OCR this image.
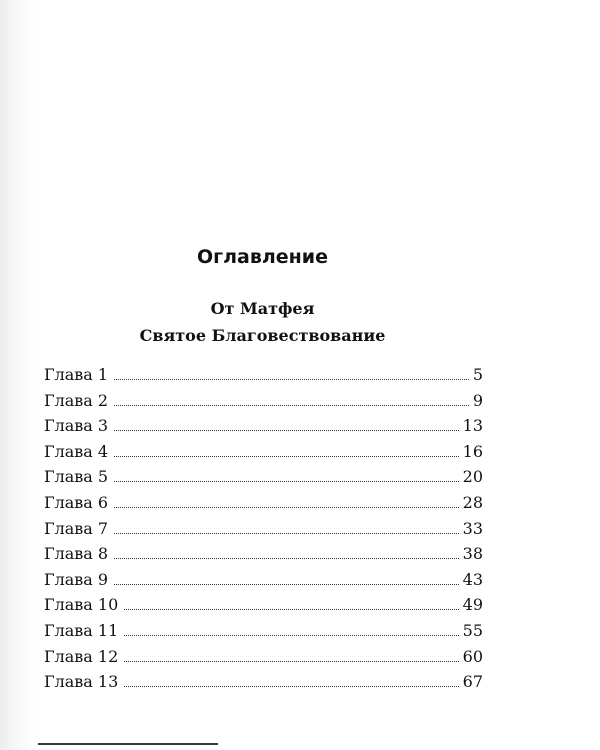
Оглавление
От Матфея
Святое Благовествование
Глава 1	5
Глава 2	9
Глава 3	13
Глава 4	16
Глава 5	20
Глава 6	28
Глава 7	33
Глава 8	38
Глава 9	43
Глава 10	49
Глава 11	55
Глава 12	60
Глава 13	67
